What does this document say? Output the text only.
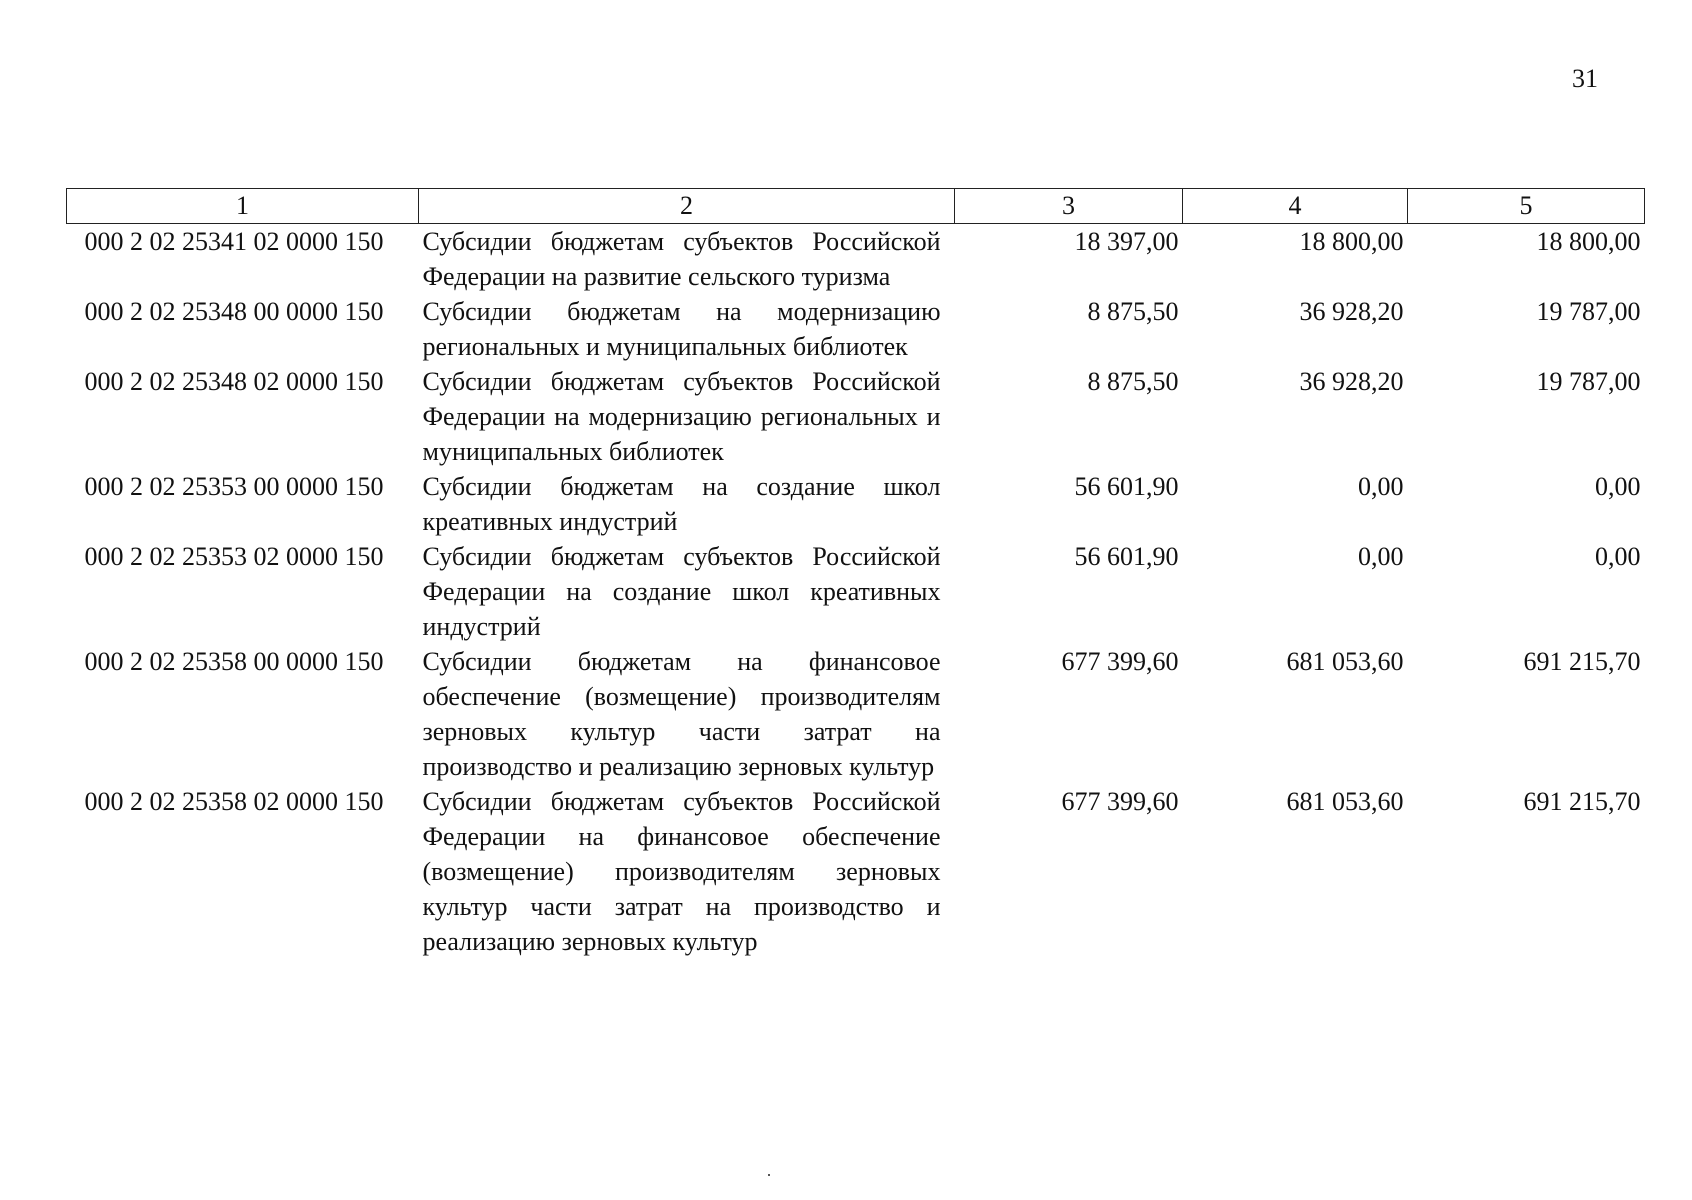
31
1	2	3	4	5
000 2 02 25341 02 0000 150	Субсидии бюджетам субъектов Российской Федерации на развитие сельского туризма	18 397,00	18 800,00	18 800,00
000 2 02 25348 00 0000 150	Субсидии бюджетам на модернизацию региональных и муниципальных библиотек	8 875,50	36 928,20	19 787,00
000 2 02 25348 02 0000 150	Субсидии бюджетам субъектов Российской Федерации на модернизацию региональных и муниципальных библиотек	8 875,50	36 928,20	19 787,00
000 2 02 25353 00 0000 150	Субсидии бюджетам на создание школ креативных индустрий	56 601,90	0,00	0,00
000 2 02 25353 02 0000 150	Субсидии бюджетам субъектов Российской Федерации на создание школ креативных индустрий	56 601,90	0,00	0,00
000 2 02 25358 00 0000 150	Субсидии бюджетам на финансовое обеспечение (возмещение) производителям зерновых культур части затрат на производство и реализацию зерновых культур	677 399,60	681 053,60	691 215,70
000 2 02 25358 02 0000 150	Субсидии бюджетам субъектов Российской Федерации на финансовое обеспечение (возмещение) производителям зерновых культур части затрат на производство и реализацию зерновых культур	677 399,60	681 053,60	691 215,70
